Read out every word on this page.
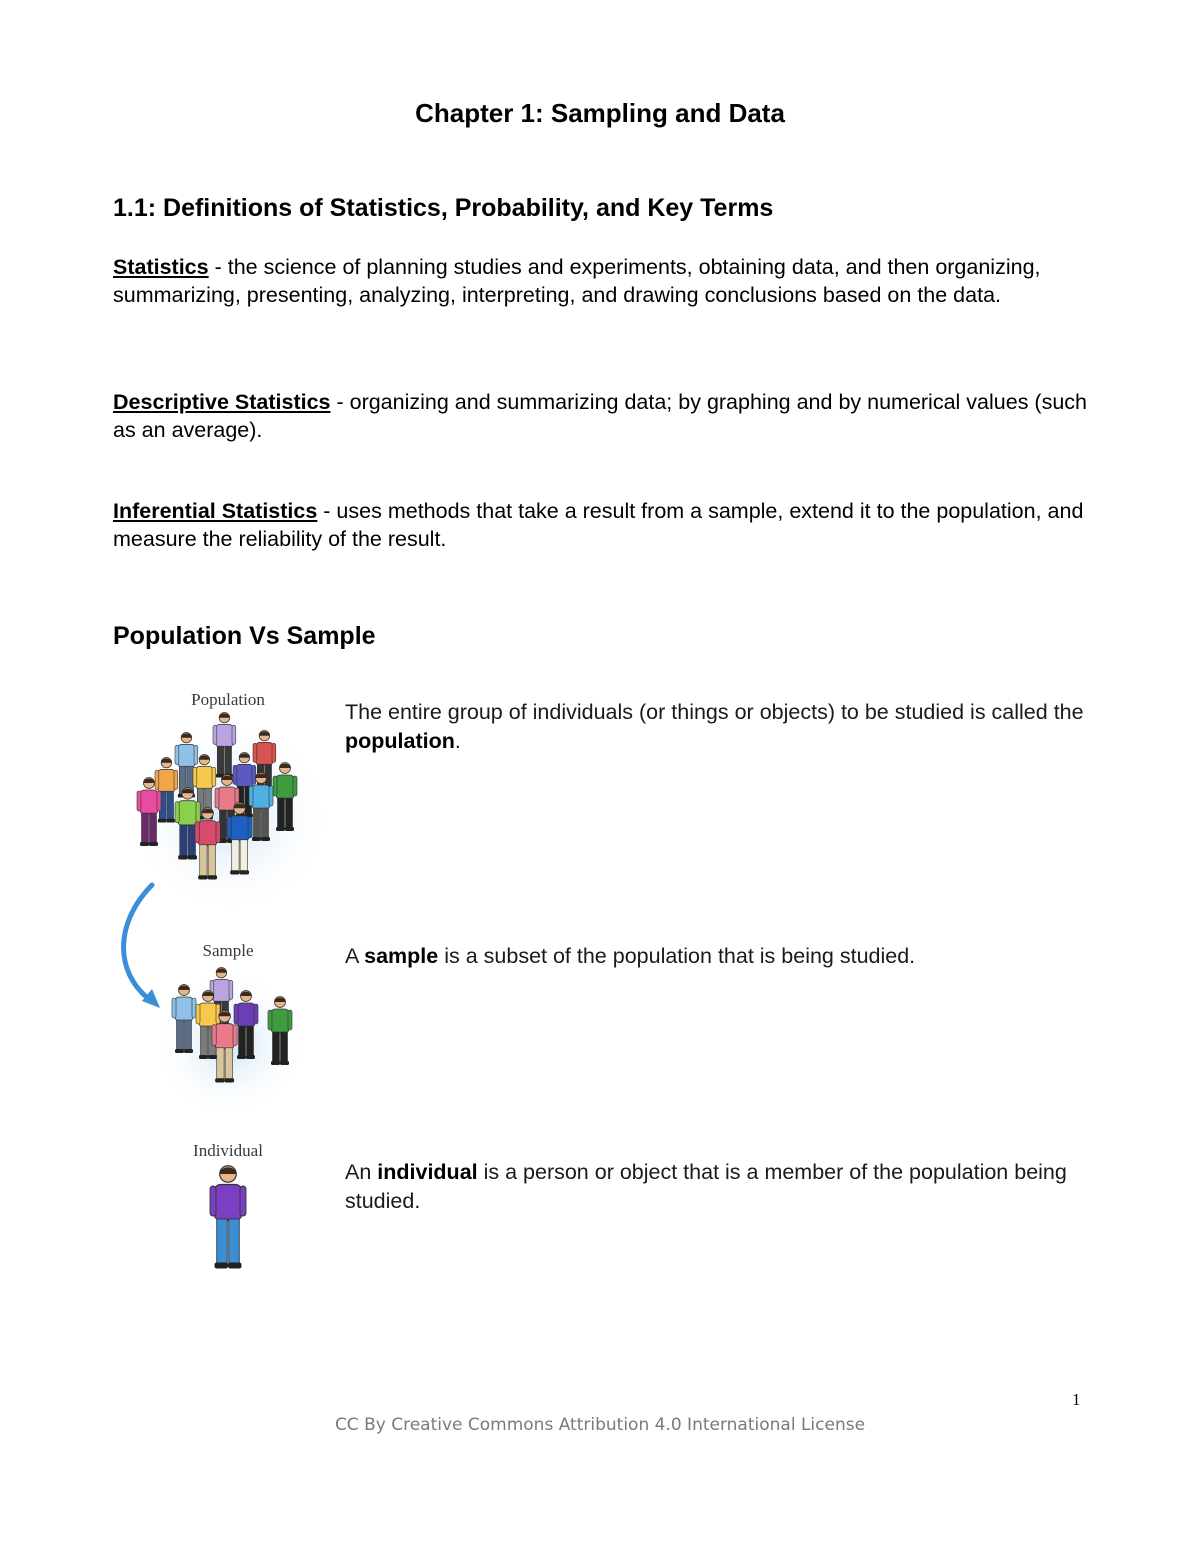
Chapter 1: Sampling and Data
1.1: Definitions of Statistics, Probability, and Key Terms
Statistics - the science of planning studies and experiments, obtaining data, and then organizing, summarizing, presenting, analyzing, interpreting, and drawing conclusions based on the data.
Descriptive Statistics - organizing and summarizing data; by graphing and by numerical values (such as an average).
Inferential Statistics - uses methods that take a result from a sample, extend it to the population, and measure the reliability of the result.
Population Vs Sample
Population
Sample
Individual
The entire group of individuals (or things or objects) to be studied is called the population.
A sample is a subset of the population that is being studied.
An individual is a person or object that is a member of the population being studied.
1
CC By Creative Commons Attribution 4.0 International License
